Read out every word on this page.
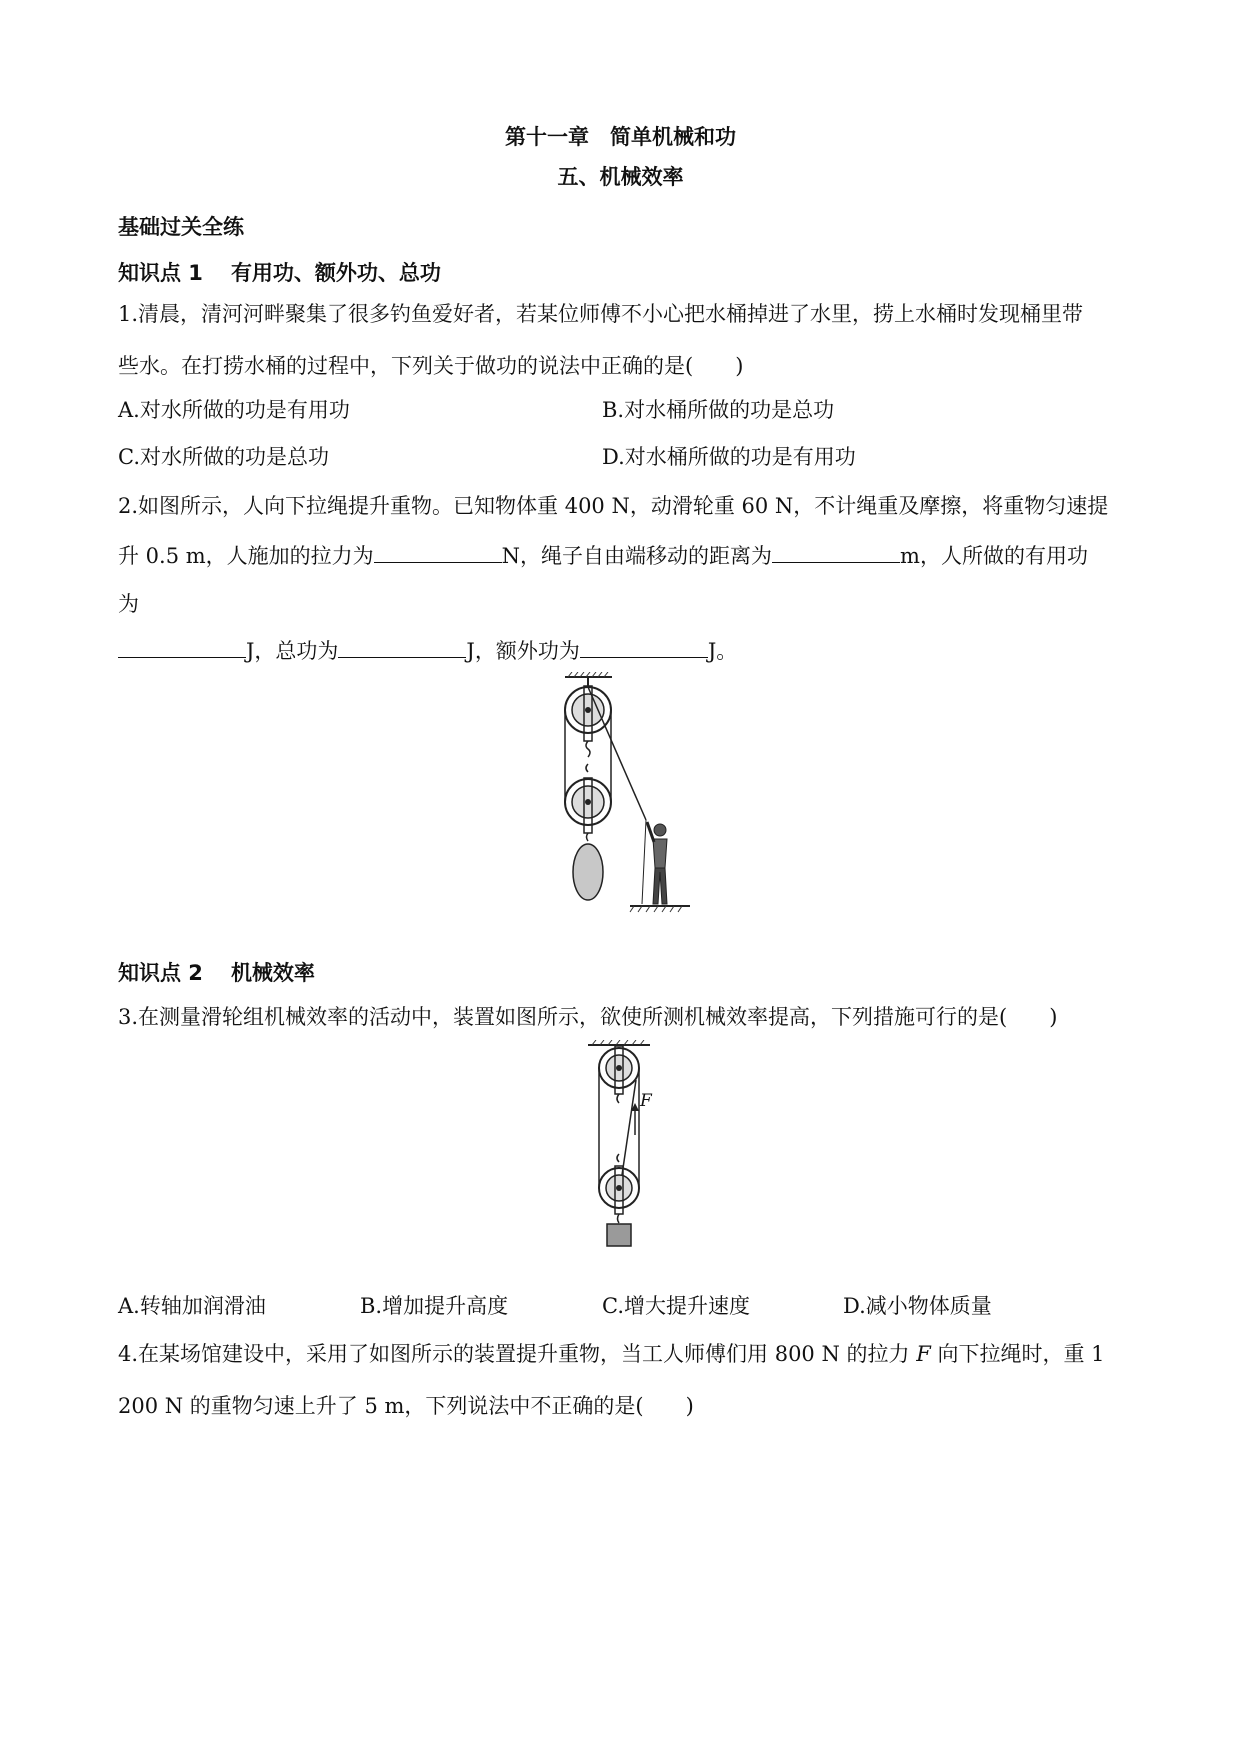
第十一章　简单机械和功
五、机械效率
基础过关全练
知识点 1 有用功、额外功、总功
1.清晨，清河河畔聚集了很多钓鱼爱好者，若某位师傅不小心把水桶掉进了水里，捞上水桶时发现桶里带
些水。在打捞水桶的过程中，下列关于做功的说法中正确的是(　　)
A.对水所做的功是有用功	B.对水桶所做的功是总功
C.对水所做的功是总功	D.对水桶所做的功是有用功
2.如图所示，人向下拉绳提升重物。已知物体重 400 N，动滑轮重 60 N，不计绳重及摩擦，将重物匀速提
升 0.5 m，人施加的拉力为	N，绳子自由端移动的距离为	m，人所做的有用功
为
J，总功为	J，额外功为	J。
知识点 2 机械效率
3.在测量滑轮组机械效率的活动中，装置如图所示，欲使所测机械效率提高，下列措施可行的是(　　)
F
A.转轴加润滑油	B.增加提升高度	C.增大提升速度	D.减小物体质量
4.在某场馆建设中，采用了如图所示的装置提升重物，当工人师傅们用 800 N 的拉力 F 向下拉绳时，重 1
200 N 的重物匀速上升了 5 m，下列说法中不正确的是(　　)
